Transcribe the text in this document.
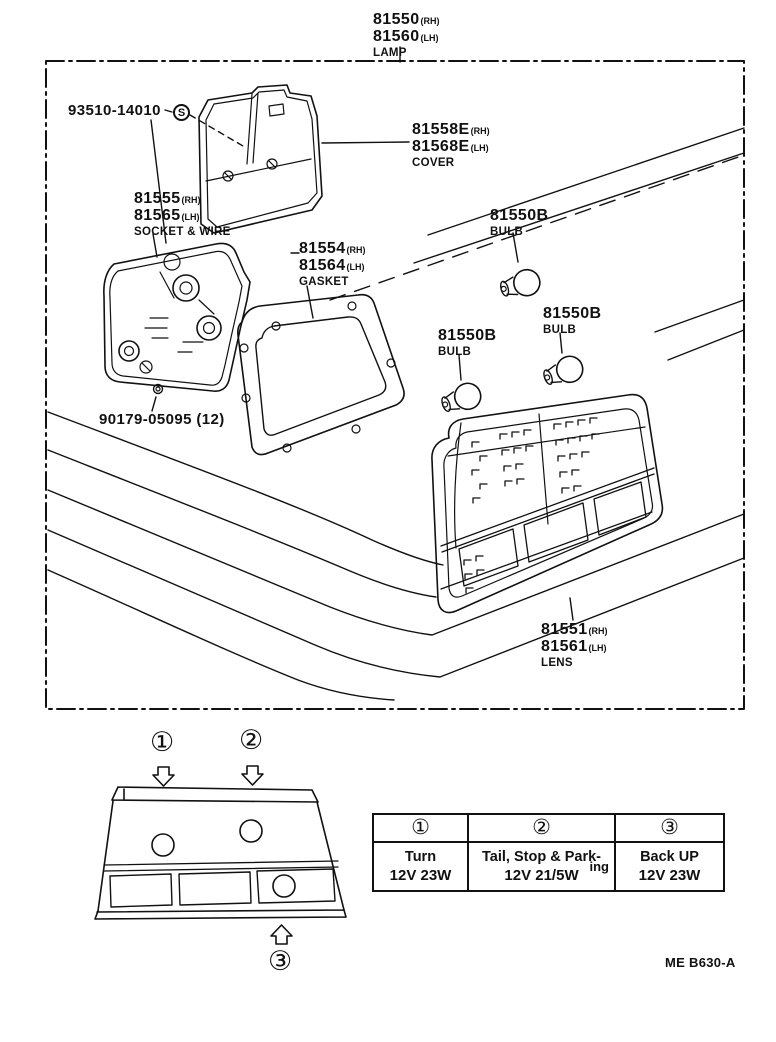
81550 (RH)
81560 (LH)
LAMP
93510-14010 S
81558E (RH)
81568E (LH)
COVER
81555 (RH)
81565 (LH)
SOCKET & WIRE
81554 (RH)
81564 (LH)
GASKET
81550B
BULB
81550B
BULB
81550B
BULB
90179-05095 (12)
81551 (RH)
81561 (LH)
LENS
① ②
③
①	②	③

Turn
12V 23W

Tail, Stop & Park-
12V 21/5W
ing

Back UP
12V 23W
ME B630-A
